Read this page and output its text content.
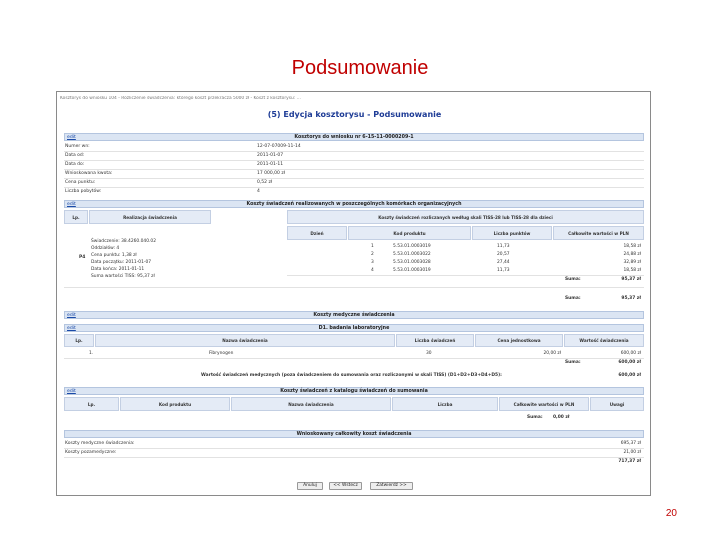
Podsumowanie
Kosztorys do wniosku 104 - Rozliczenie świadczenia: którego koszt przekracza 5000 zł - Koszt z kosztorysu: ...
(5) Edycja kosztorysu - Podsumowanie
edit	Kosztorys do wniosku nr 6-15-11-0000209-1
Numer wn:	12-07-07009-11-14
Data od:	2011-01-07
Data do:	2011-01-11
Wnioskowana kwota:	17 000,00 zł
Cena punktu:	0,52 zł
Liczba pobytów:	4
edit	Koszty świadczeń realizowanych w poszczególnych komórkach organizacyjnych
Lp.	Realizacja świadczenia	Koszty świadczeń rozliczanych według skali TISS-28 lub TISS-28 dla dzieci
Dzień	Kod produktu	Liczba punktów	Całkowite wartości w PLN
P4
Świadczenie: 38.4260.040.02
Oddziałów: 4
Cena punktu: 1,38 zł
Data początku: 2011-01-07
Data końca: 2011-01-11
Suma wartości TISS: 95,37 zł
1	5.53.01.0003019	11,73	18,58 zł
2	5.53.01.0003022	20,57	24,88 zł
3	5.53.01.0003028	27,44	32,89 zł
4	5.53.01.0003019	11,73	18,58 zł
Suma:	95,37 zł
Suma:	95,37 zł
edit	Koszty medyczne świadczenia
edit	D1. badania laboratoryjne
Lp.	Nazwa świadczenia	Liczba świadczeń	Cena jednostkowa	Wartość świadczenia
1.	Fibrynogen	30	20,00 zł	600,00 zł
Suma:	600,00 zł
Wartość świadczeń medycznych (poza świadczeniem do sumowania oraz rozliczonymi w skali TISS) (D1+D2+D3+D4+D5):	600,00 zł
edit	Koszty świadczeń z katalogu świadczeń do sumowania
Lp.	Kod produktu	Nazwa świadczenia	Liczba	Całkowite wartości w PLN	Uwagi
Suma: 0,00 zł
Wnioskowany całkowity koszt świadczenia
Koszty medyczne świadczenia:	695,37 zł
Koszty pozamedyczne:	21,00 zł
717,37 zł
Anuluj	<< Wstecz	Zatwierdź >>
20
